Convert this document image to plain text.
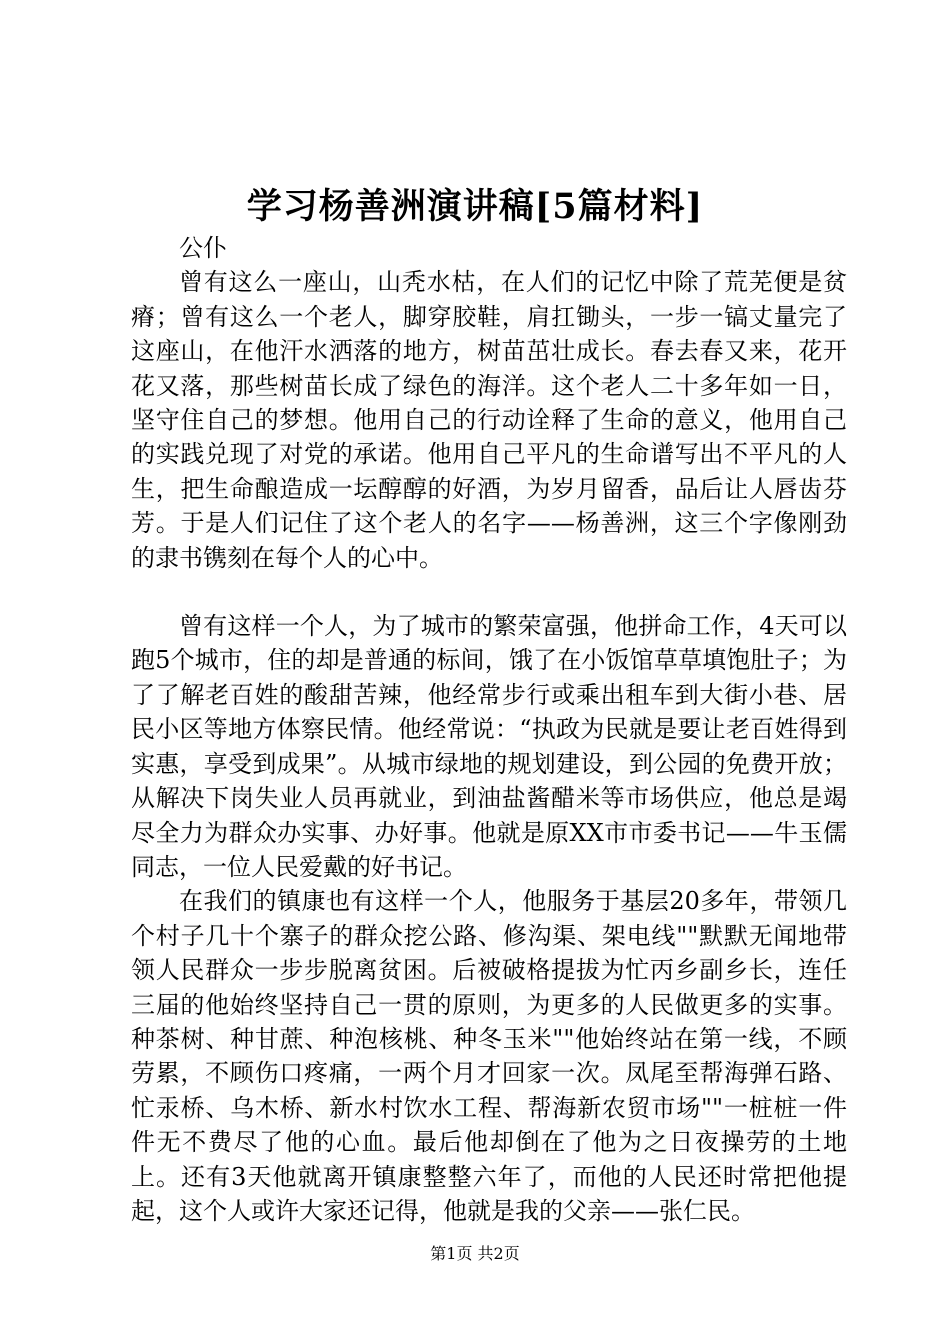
学习杨善洲演讲稿[5篇材料]

公仆

曾有这么一座山，山秃水枯，在人们的记忆中除了荒芜便是贫瘠；曾有这么一个老人，脚穿胶鞋，肩扛锄头，一步一镐丈量完了这座山，在他汗水洒落的地方，树苗茁壮成长。春去春又来，花开花又落，那些树苗长成了绿色的海洋。这个老人二十多年如一日，坚守住自己的梦想。他用自己的行动诠释了生命的意义，他用自己的实践兑现了对党的承诺。他用自己平凡的生命谱写出不平凡的人生，把生命酿造成一坛醇醇的好酒，为岁月留香，品后让人唇齿芬芳。于是人们记住了这个老人的名字——杨善洲，这三个字像刚劲的隶书镌刻在每个人的心中。

曾有这样一个人，为了城市的繁荣富强，他拼命工作，4天可以跑5个城市，住的却是普通的标间，饿了在小饭馆草草填饱肚子；为了了解老百姓的酸甜苦辣，他经常步行或乘出租车到大街小巷、居民小区等地方体察民情。他经常说：“执政为民就是要让老百姓得到实惠，享受到成果”。从城市绿地的规划建设，到公园的免费开放；从解决下岗失业人员再就业，到油盐酱醋米等市场供应，他总是竭尽全力为群众办实事、办好事。他就是原XX市市委书记——牛玉儒同志，一位人民爱戴的好书记。

在我们的镇康也有这样一个人，他服务于基层20多年，带领几个村子几十个寨子的群众挖公路、修沟渠、架电线""默默无闻地带领人民群众一步步脱离贫困。后被破格提拔为忙丙乡副乡长，连任三届的他始终坚持自己一贯的原则，为更多的人民做更多的实事。种茶树、种甘蔗、种泡核桃、种冬玉米""他始终站在第一线，不顾劳累，不顾伤口疼痛，一两个月才回家一次。凤尾至帮海弹石路、忙汞桥、乌木桥、新水村饮水工程、帮海新农贸市场""一桩桩一件件无不费尽了他的心血。最后他却倒在了他为之日夜操劳的土地上。还有3天他就离开镇康整整六年了，而他的人民还时常把他提起，这个人或许大家还记得，他就是我的父亲——张仁民。

第1页 共2页
